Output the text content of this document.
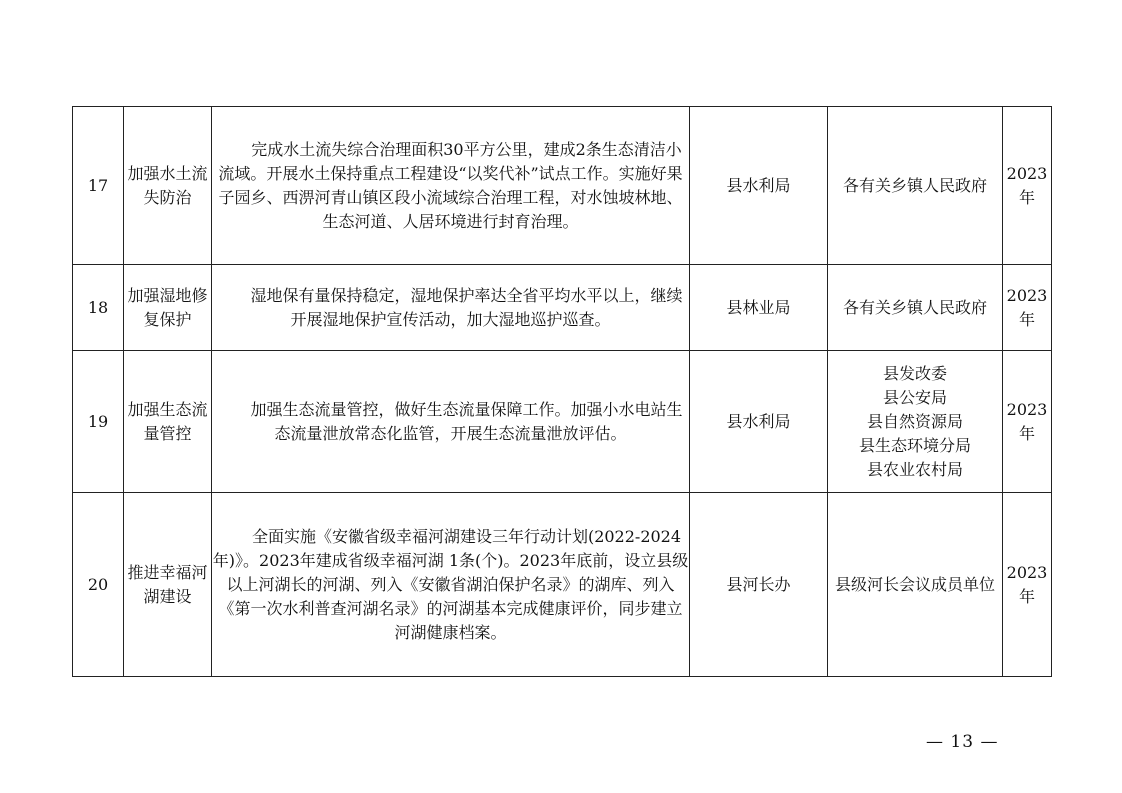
17	加强水土流失防治	完成水土流失综合治理面积30平方公里，建成2条生态清洁小流域。开展水土保持重点工程建设“以奖代补”试点工作。实施好果子园乡、西淠河青山镇区段小流域综合治理工程，对水蚀坡林地、生态河道、人居环境进行封育治理。	县水利局	各有关乡镇人民政府	2023
年

18	加强湿地修复保护	湿地保有量保持稳定，湿地保护率达全省平均水平以上，继续开展湿地保护宣传活动，加大湿地巡护巡查。	县林业局	各有关乡镇人民政府	2023
年

19	加强生态流量管控	加强生态流量管控，做好生态流量保障工作。加强小水电站生态流量泄放常态化监管，开展生态流量泄放评估。	县水利局	县发改委
县公安局
县自然资源局
县生态环境分局
县农业农村局	2023
年

20	推进幸福河湖建设	全面实施《安徽省级幸福河湖建设三年行动计划(2022-2024年)》。2023年建成省级幸福河湖 1条(个)。2023年底前，设立县级以上河湖长的河湖、列入《安徽省湖泊保护名录》的湖库、列入《第一次水利普查河湖名录》的河湖基本完成健康评价，同步建立河湖健康档案。	县河长办	县级河长会议成员单位	2023
年
— 13 —
